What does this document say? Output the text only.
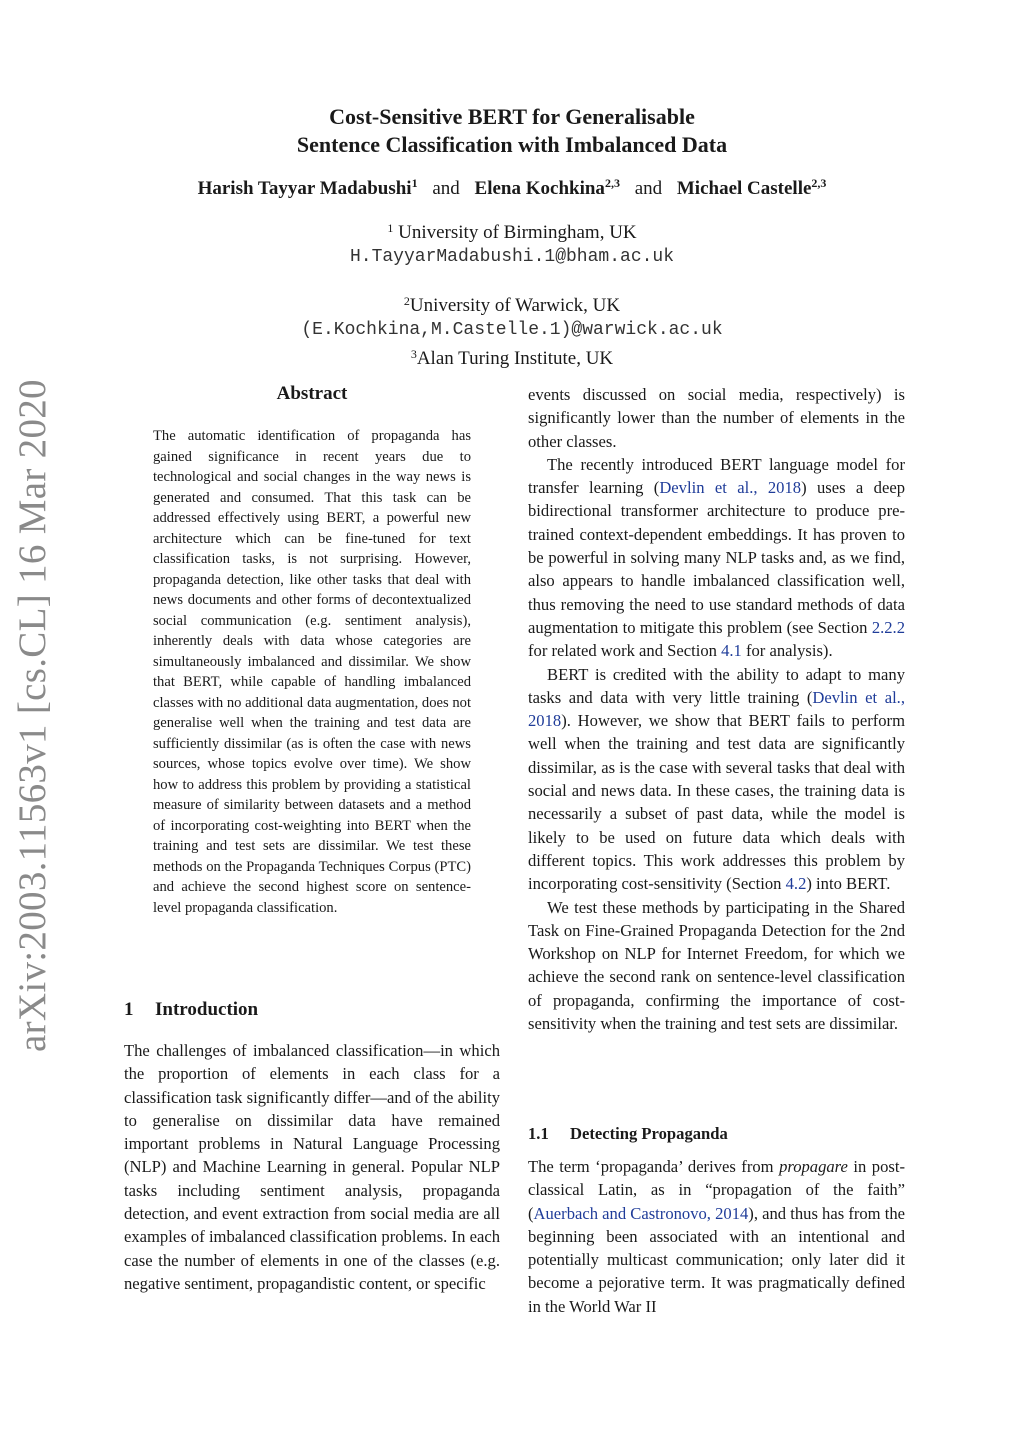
arXiv:2003.11563v1 [cs.CL] 16 Mar 2020
Cost-Sensitive BERT for Generalisable
Sentence Classification with Imbalanced Data
Harish Tayyar Madabushi$^1$ and Elena Kochkina$^{2,3}$ and Michael Castelle$^{2,3}$
$^1$ University of Birmingham, UK
H.TayyarMadabushi.1@bham.ac.uk
$^2$University of Warwick, UK
(E.Kochkina,M.Castelle.1)@warwick.ac.uk
$^3$Alan Turing Institute, UK
Abstract
The automatic identification of propaganda has gained significance in recent years due to technological and social changes in the way news is generated and consumed. That this task can be addressed effectively using BERT, a powerful new architecture which can be fine-tuned for text classification tasks, is not surprising. However, propaganda detection, like other tasks that deal with news documents and other forms of decontextualized social communication (e.g. sentiment analysis), inherently deals with data whose categories are simultaneously imbalanced and dissimilar. We show that BERT, while capable of handling imbalanced classes with no additional data augmentation, does not generalise well when the training and test data are sufficiently dissimilar (as is often the case with news sources, whose topics evolve over time). We show how to address this problem by providing a statistical measure of similarity between datasets and a method of incorporating cost-weighting into BERT when the training and test sets are dissimilar. We test these methods on the Propaganda Techniques Corpus (PTC) and achieve the second highest score on sentence-level propaganda classification.
1 Introduction

The challenges of imbalanced classification—in which the proportion of elements in each class for a classification task significantly differ—and of the ability to generalise on dissimilar data have remained important problems in Natural Language Processing (NLP) and Machine Learning in general. Popular NLP tasks including sentiment analysis, propaganda detection, and event extraction from social media are all examples of imbalanced classification problems. In each case the number of elements in one of the classes (e.g. negative sentiment, propagandistic content, or specific

events discussed on social media, respectively) is significantly lower than the number of elements in the other classes.

The recently introduced BERT language model for transfer learning (Devlin et al., 2018) uses a deep bidirectional transformer architecture to produce pre-trained context-dependent embeddings. It has proven to be powerful in solving many NLP tasks and, as we find, also appears to handle imbalanced classification well, thus removing the need to use standard methods of data augmentation to mitigate this problem (see Section 2.2.2 for related work and Section 4.1 for analysis).

BERT is credited with the ability to adapt to many tasks and data with very little training (Devlin et al., 2018). However, we show that BERT fails to perform well when the training and test data are significantly dissimilar, as is the case with several tasks that deal with social and news data. In these cases, the training data is necessarily a subset of past data, while the model is likely to be used on future data which deals with different topics. This work addresses this problem by incorporating cost-sensitivity (Section 4.2) into BERT.

We test these methods by participating in the Shared Task on Fine-Grained Propaganda Detection for the 2nd Workshop on NLP for Internet Freedom, for which we achieve the second rank on sentence-level classification of propaganda, confirming the importance of cost-sensitivity when the training and test sets are dissimilar.

1.1 Detecting Propaganda

The term ‘propaganda’ derives from propagare in post-classical Latin, as in “propagation of the faith” (Auerbach and Castronovo, 2014), and thus has from the beginning been associated with an intentional and potentially multicast communication; only later did it become a pejorative term. It was pragmatically defined in the World War II
